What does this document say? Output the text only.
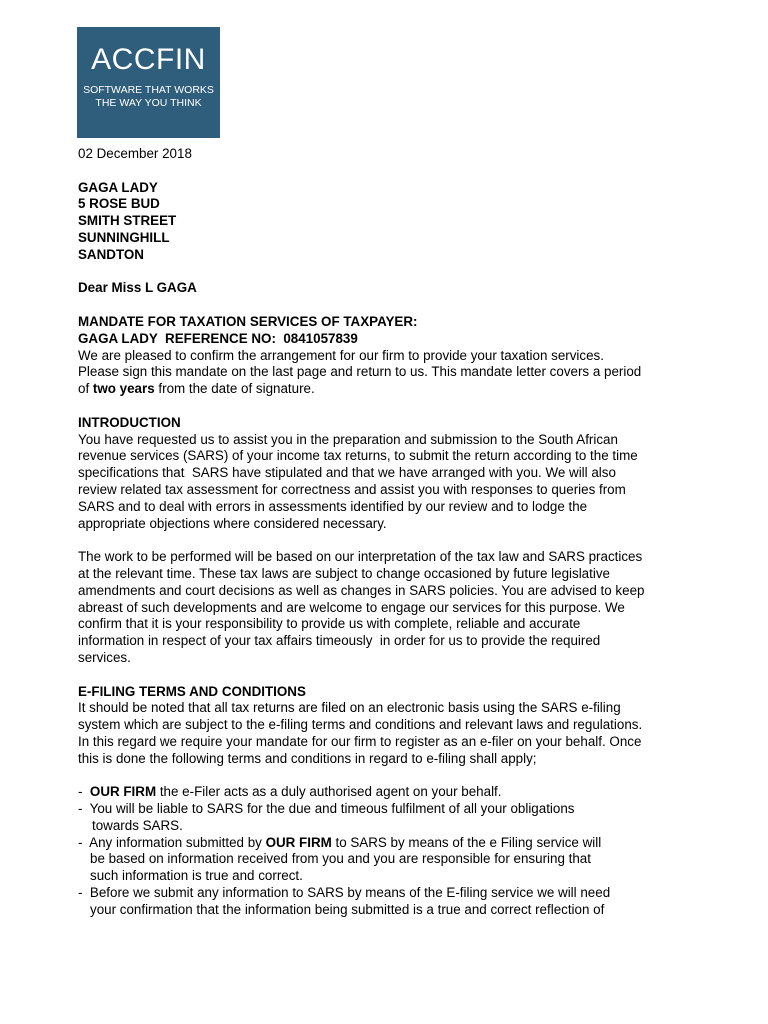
ACCFIN
SOFTWARE THAT WORKS
THE WAY YOU THINK
02 December 2018
GAGA LADY
5 ROSE BUD
SMITH STREET
SUNNINGHILL
SANDTON
Dear Miss L GAGA
MANDATE FOR TAXATION SERVICES OF TAXPAYER:
GAGA LADY  REFERENCE NO:  0841057839
We are pleased to confirm the arrangement for our firm to provide your taxation services.
Please sign this mandate on the last page and return to us. This mandate letter covers a period
of two years from the date of signature.
INTRODUCTION
You have requested us to assist you in the preparation and submission to the South African
revenue services (SARS) of your income tax returns, to submit the return according to the time
specifications that  SARS have stipulated and that we have arranged with you. We will also
review related tax assessment for correctness and assist you with responses to queries from
SARS and to deal with errors in assessments identified by our review and to lodge the
appropriate objections where considered necessary.
The work to be performed will be based on our interpretation of the tax law and SARS practices
at the relevant time. These tax laws are subject to change occasioned by future legislative
amendments and court decisions as well as changes in SARS policies. You are advised to keep
abreast of such developments and are welcome to engage our services for this purpose. We
confirm that it is your responsibility to provide us with complete, reliable and accurate
information in respect of your tax affairs timeously  in order for us to provide the required
services.
E-FILING TERMS AND CONDITIONS
It should be noted that all tax returns are filed on an electronic basis using the SARS e-filing
system which are subject to the e-filing terms and conditions and relevant laws and regulations.
In this regard we require your mandate for our firm to register as an e-filer on your behalf. Once
this is done the following terms and conditions in regard to e-filing shall apply;
-  OUR FIRM the e-Filer acts as a duly authorised agent on your behalf.
-  You will be liable to SARS for the due and timeous fulfilment of all your obligations
towards SARS.
-  Any information submitted by OUR FIRM to SARS by means of the e Filing service will
be based on information received from you and you are responsible for ensuring that
such information is true and correct.
-  Before we submit any information to SARS by means of the E-filing service we will need
your confirmation that the information being submitted is a true and correct reflection of
